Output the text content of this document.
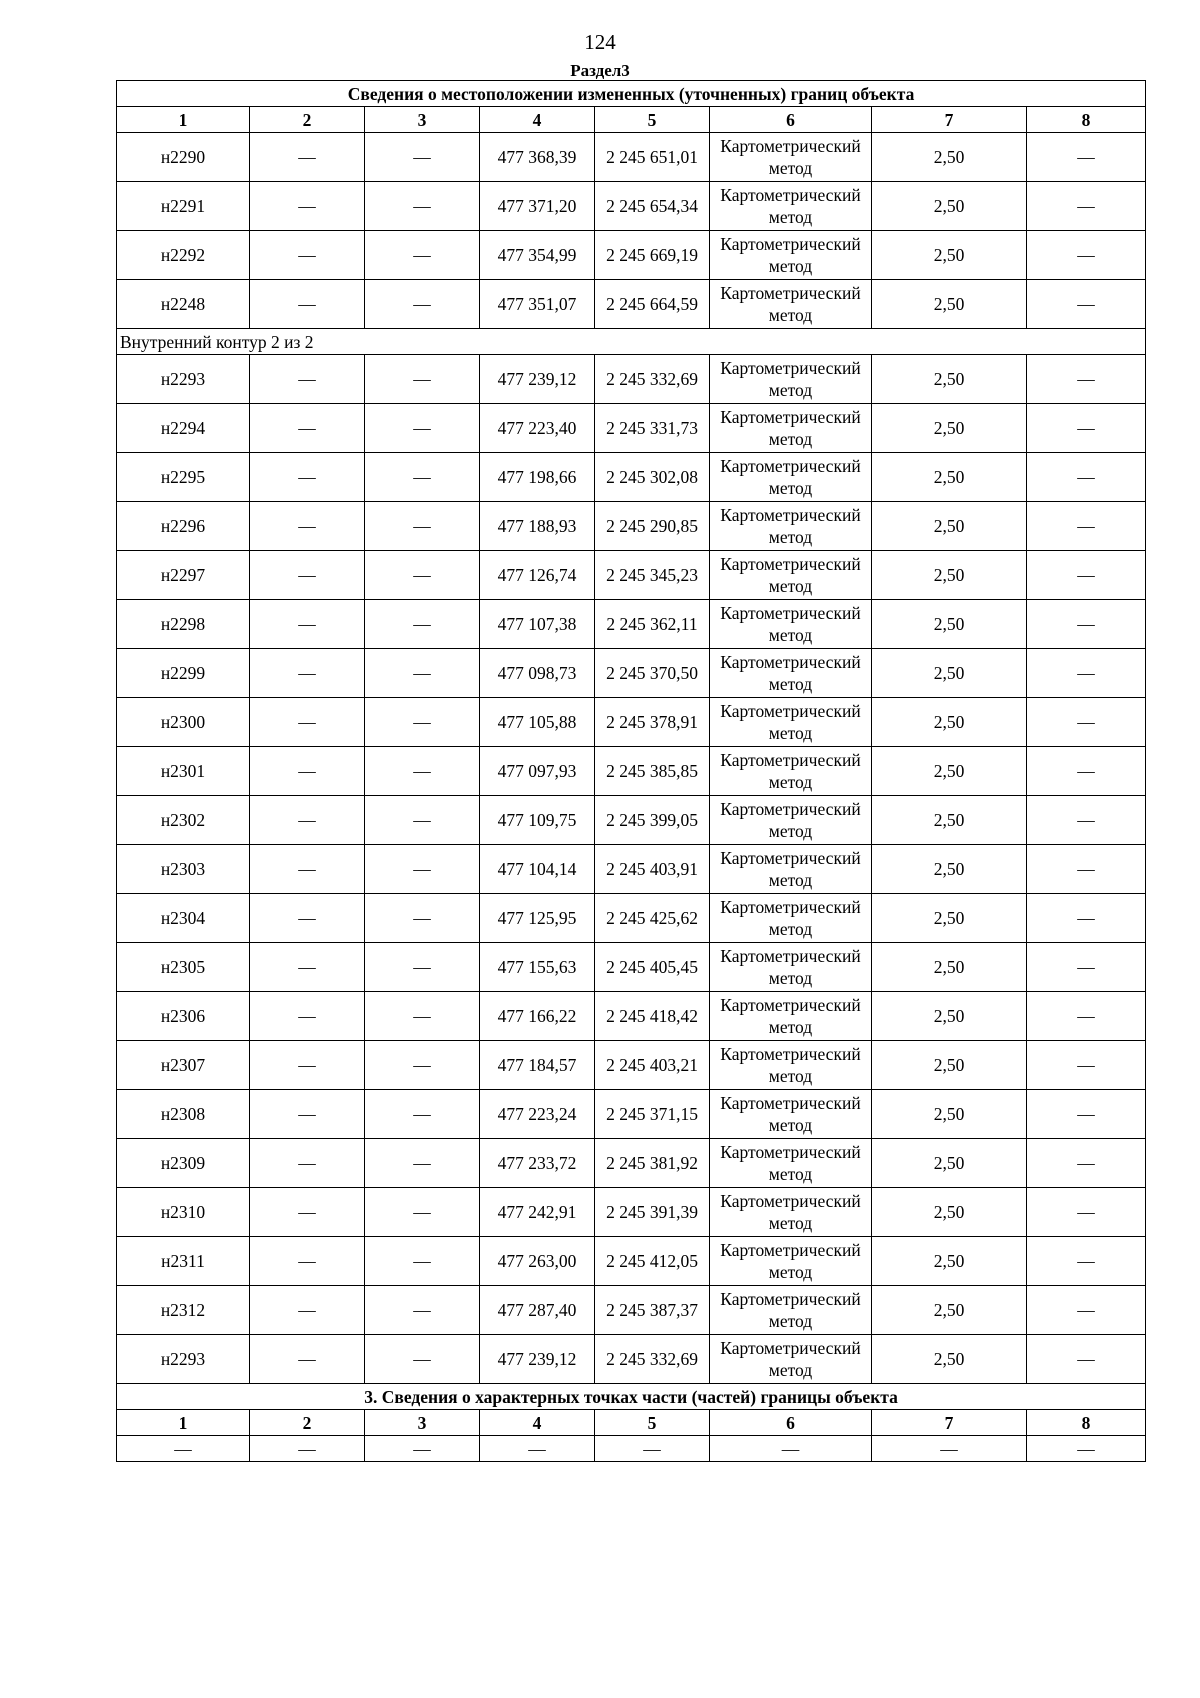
124
Раздел3
Сведения о местоположении измененных (уточненных) границ объекта							
1	2	3	4	5	6	7	8
н2290	—	—	477 368,39	2 245 651,01	Картометрический метод	2,50	—
н2291	—	—	477 371,20	2 245 654,34	Картометрический метод	2,50	—
н2292	—	—	477 354,99	2 245 669,19	Картометрический метод	2,50	—
н2248	—	—	477 351,07	2 245 664,59	Картометрический метод	2,50	—
Внутренний контур 2 из 2							
н2293	—	—	477 239,12	2 245 332,69	Картометрический метод	2,50	—
н2294	—	—	477 223,40	2 245 331,73	Картометрический метод	2,50	—
н2295	—	—	477 198,66	2 245 302,08	Картометрический метод	2,50	—
н2296	—	—	477 188,93	2 245 290,85	Картометрический метод	2,50	—
н2297	—	—	477 126,74	2 245 345,23	Картометрический метод	2,50	—
н2298	—	—	477 107,38	2 245 362,11	Картометрический метод	2,50	—
н2299	—	—	477 098,73	2 245 370,50	Картометрический метод	2,50	—
н2300	—	—	477 105,88	2 245 378,91	Картометрический метод	2,50	—
н2301	—	—	477 097,93	2 245 385,85	Картометрический метод	2,50	—
н2302	—	—	477 109,75	2 245 399,05	Картометрический метод	2,50	—
н2303	—	—	477 104,14	2 245 403,91	Картометрический метод	2,50	—
н2304	—	—	477 125,95	2 245 425,62	Картометрический метод	2,50	—
н2305	—	—	477 155,63	2 245 405,45	Картометрический метод	2,50	—
н2306	—	—	477 166,22	2 245 418,42	Картометрический метод	2,50	—
н2307	—	—	477 184,57	2 245 403,21	Картометрический метод	2,50	—
н2308	—	—	477 223,24	2 245 371,15	Картометрический метод	2,50	—
н2309	—	—	477 233,72	2 245 381,92	Картометрический метод	2,50	—
н2310	—	—	477 242,91	2 245 391,39	Картометрический метод	2,50	—
н2311	—	—	477 263,00	2 245 412,05	Картометрический метод	2,50	—
н2312	—	—	477 287,40	2 245 387,37	Картометрический метод	2,50	—
н2293	—	—	477 239,12	2 245 332,69	Картометрический метод	2,50	—
3. Сведения о характерных точках части (частей) границы объекта							
1	2	3	4	5	6	7	8
—	—	—	—	—	—	—	—
